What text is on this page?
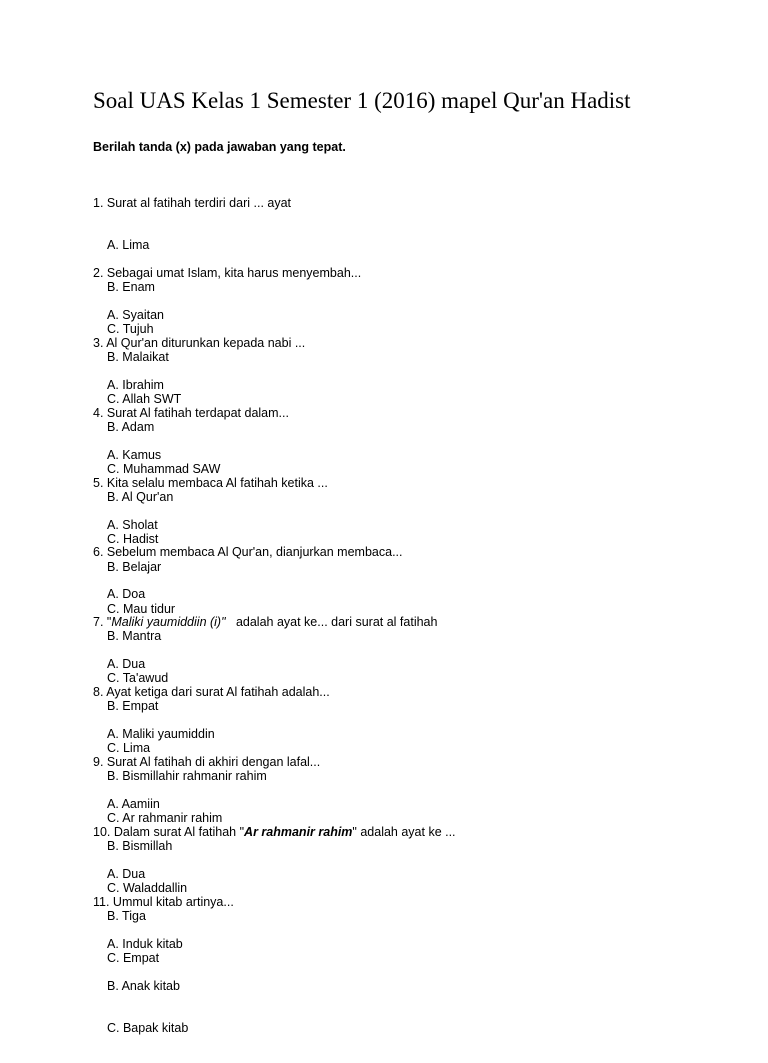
Soal UAS Kelas 1 Semester 1 (2016) mapel Qur'an Hadist
Berilah tanda (x) pada jawaban yang tepat.

1. Surat al fatihah terdiri dari ... ayat

A. Lima

B. Enam

C. Tujuh

2. Sebagai umat Islam, kita harus menyembah...

A. Syaitan

B. Malaikat

C. Allah SWT

3. Al Qur'an diturunkan kepada nabi ...

A. Ibrahim

B. Adam

C. Muhammad SAW

4. Surat Al fatihah terdapat dalam...

A. Kamus

B. Al Qur'an

C. Hadist

5. Kita selalu membaca Al fatihah ketika ...

A. Sholat

B. Belajar

C. Mau tidur

6. Sebelum membaca Al Qur'an, dianjurkan membaca...

A. Doa

B. Mantra

C. Ta'awud

7. "Maliki yaumiddiin (i)"   adalah ayat ke... dari surat al fatihah

A. Dua

B. Empat

C. Lima

8. Ayat ketiga dari surat Al fatihah adalah...

A. Maliki yaumiddin

B. Bismillahir rahmanir rahim

C. Ar rahmanir rahim

9. Surat Al fatihah di akhiri dengan lafal...

A. Aamiin

B. Bismillah

C. Waladdallin

10. Dalam surat Al fatihah "Ar rahmanir rahim" adalah ayat ke ...

A. Dua

B. Tiga

C. Empat

11. Ummul kitab artinya...

A. Induk kitab

B. Anak kitab

C. Bapak kitab
